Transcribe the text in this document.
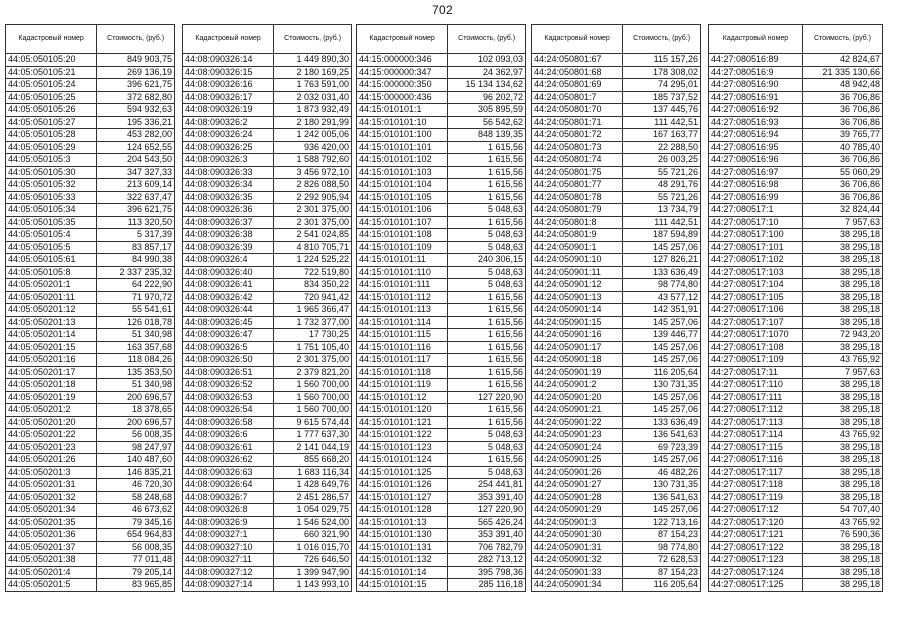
702
Кадастровый номер	Стоимость, (руб.)
44:05:050105:20	849 903,75
44:05:050105:21	269 136,19
44:05:050105:24	396 621,75
44:05:050105:25	372 682,80
44:05:050105:26	594 932,63
44:05:050105:27	195 336,21
44:05:050105:28	453 282,00
44:05:050105:29	124 652,55
44:05:050105:3	204 543,50
44:05:050105:30	347 327,33
44:05:050105:32	213 609,14
44:05:050105:33	322 637,47
44:05:050105:34	396 621,75
44:05:050105:35	113 320,50
44:05:050105:4	5 317,39
44:05:050105:5	83 857,17
44:05:050105:61	84 990,38
44:05:050105:8	2 337 235,32
44:05:050201:1	64 222,90
44:05:050201:11	71 970,72
44:05:050201:12	55 541,61
44:05:050201:13	126 018,78
44:05:050201:14	51 340,98
44:05:050201:15	163 357,68
44:05:050201:16	118 084,26
44:05:050201:17	135 353,50
44:05:050201:18	51 340,98
44:05:050201:19	200 696,57
44:05:050201:2	18 378,65
44:05:050201:20	200 696,57
44:05:050201:22	56 008,35
44:05:050201:23	98 247,97
44:05:050201:26	140 487,60
44:05:050201:3	146 835,21
44:05:050201:31	46 720,30
44:05:050201:32	58 248,68
44:05:050201:34	46 673,62
44:05:050201:35	79 345,16
44:05:050201:36	654 964,83
44:05:050201:37	56 008,35
44:05:050201:38	77 011,48
44:05:050201:4	79 205,14
44:05:050201:5	83 965,85
Кадастровый номер	Стоимость, (руб.)
44:08:090326:14	1 449 890,30
44:08:090326:15	2 180 169,25
44:08:090326:16	1 763 591,00
44:08:090326:17	2 032 031,40
44:08:090326:19	1 873 932,49
44:08:090326:2	2 180 291,99
44:08:090326:24	1 242 005,06
44:08:090326:25	936 420,00
44:08:090326:3	1 588 792,60
44:08:090326:33	3 456 972,10
44:08:090326:34	2 826 088,50
44:08:090326:35	2 292 905,94
44:08:090326:36	2 301 375,00
44:08:090326:37	2 301 375,00
44:08:090326:38	2 541 024,85
44:08:090326:39	4 810 705,71
44:08:090326:4	1 224 525,22
44:08:090326:40	722 519,80
44:08:090326:41	834 350,22
44:08:090326:42	720 941,42
44:08:090326:44	1 965 366,47
44:08:090326:45	1 732 377,00
44:08:090326:47	17 730,25
44:08:090326:5	1 751 105,40
44:08:090326:50	2 301 375,00
44:08:090326:51	2 379 821,20
44:08:090326:52	1 560 700,00
44:08:090326:53	1 560 700,00
44:08:090326:54	1 560 700,00
44:08:090326:58	9 615 574,44
44:08:090326:6	1 777 637,30
44:08:090326:61	2 141 044,19
44:08:090326:62	855 668,20
44:08:090326:63	1 683 116,34
44:08:090326:64	1 428 649,76
44:08:090326:7	2 451 286,57
44:08:090326:8	1 054 029,75
44:08:090326:9	1 546 524,00
44:08:090327:1	660 321,90
44:08:090327:10	1 016 015,70
44:08:090327:11	726 646,50
44:08:090327:12	1 399 947,90
44:08:090327:14	1 143 993,10
Кадастровый номер	Стоимость, (руб.)
44:15:000000:346	102 093,03
44:15:000000:347	24 362,97
44:15:000000:350	15 134 134,62
44:15:000000:436	96 202,72
44:15:010101:1	305 895,59
44:15:010101:10	56 542,62
44:15:010101:100	848 139,35
44:15:010101:101	1 615,56
44:15:010101:102	1 615,56
44:15:010101:103	1 615,56
44:15:010101:104	1 615,56
44:15:010101:105	1 615,56
44:15:010101:106	5 048,63
44:15:010101:107	1 615,56
44:15:010101:108	5 048,63
44:15:010101:109	5 048,63
44:15:010101:11	240 306,15
44:15:010101:110	5 048,63
44:15:010101:111	5 048,63
44:15:010101:112	1 615,56
44:15:010101:113	1 615,56
44:15:010101:114	1 615,56
44:15:010101:115	1 615,56
44:15:010101:116	1 615,56
44:15:010101:117	1 615,56
44:15:010101:118	1 615,56
44:15:010101:119	1 615,56
44:15:010101:12	127 220,90
44:15:010101:120	1 615,56
44:15:010101:121	1 615,56
44:15:010101:122	5 048,63
44:15:010101:123	5 048,63
44:15:010101:124	1 615,56
44:15:010101:125	5 048,63
44:15:010101:126	254 441,81
44:15:010101:127	353 391,40
44:15:010101:128	127 220,90
44:15:010101:13	565 426,24
44:15:010101:130	353 391,40
44:15:010101:131	706 782,79
44:15:010101:132	282 713,12
44:15:010101:14	395 798,36
44:15:010101:15	285 116,18
Кадастровый номер	Стоимость, (руб.)
44:24:050801:67	115 157,26
44:24:050801:68	178 308,02
44:24:050801:69	74 295,01
44:24:050801:7	185 737,52
44:24:050801:70	137 445,76
44:24:050801:71	111 442,51
44:24:050801:72	167 163,77
44:24:050801:73	22 288,50
44:24:050801:74	26 003,25
44:24:050801:75	55 721,26
44:24:050801:77	48 291,76
44:24:050801:78	55 721,26
44:24:050801:79	13 734,79
44:24:050801:8	111 442,51
44:24:050801:9	187 594,89
44:24:050901:1	145 257,06
44:24:050901:10	127 826,21
44:24:050901:11	133 636,49
44:24:050901:12	98 774,80
44:24:050901:13	43 577,12
44:24:050901:14	142 351,91
44:24:050901:15	145 257,06
44:24:050901:16	139 446,77
44:24:050901:17	145 257,06
44:24:050901:18	145 257,06
44:24:050901:19	116 205,64
44:24:050901:2	130 731,35
44:24:050901:20	145 257,06
44:24:050901:21	145 257,06
44:24:050901:22	133 636,49
44:24:050901:23	136 541,63
44:24:050901:24	69 723,39
44:24:050901:25	145 257,06
44:24:050901:26	46 482,26
44:24:050901:27	130 731,35
44:24:050901:28	136 541,63
44:24:050901:29	145 257,06
44:24:050901:3	122 713,16
44:24:050901:30	87 154,23
44:24:050901:31	98 774,80
44:24:050901:32	72 628,53
44:24:050901:33	87 154,23
44:24:050901:34	116 205,64
Кадастровый номер	Стоимость, (руб.)
44:27:080516:89	42 824,67
44:27:080516:9	21 335 130,66
44:27:080516:90	48 942,48
44:27:080516:91	36 706,86
44:27:080516:92	36 706,86
44:27:080516:93	36 706,86
44:27:080516:94	39 765,77
44:27:080516:95	40 785,40
44:27:080516:96	36 706,86
44:27:080516:97	55 060,29
44:27:080516:98	36 706,86
44:27:080516:99	36 706,86
44:27:080517:1	32 824,44
44:27:080517:10	7 957,63
44:27:080517:100	38 295,18
44:27:080517:101	38 295,18
44:27:080517:102	38 295,18
44:27:080517:103	38 295,18
44:27:080517:104	38 295,18
44:27:080517:105	38 295,18
44:27:080517:106	38 295,18
44:27:080517:107	38 295,18
44:27:080517:1070	72 943,20
44:27:080517:108	38 295,18
44:27:080517:109	43 765,92
44:27:080517:11	7 957,63
44:27:080517:110	38 295,18
44:27:080517:111	38 295,18
44:27:080517:112	38 295,18
44:27:080517:113	38 295,18
44:27:080517:114	43 765,92
44:27:080517:115	38 295,18
44:27:080517:116	38 295,18
44:27:080517:117	38 295,18
44:27:080517:118	38 295,18
44:27:080517:119	38 295,18
44:27:080517:12	54 707,40
44:27:080517:120	43 765,92
44:27:080517:121	76 590,36
44:27:080517:122	38 295,18
44:27:080517:123	38 295,18
44:27:080517:124	38 295,18
44:27:080517:125	38 295,18
